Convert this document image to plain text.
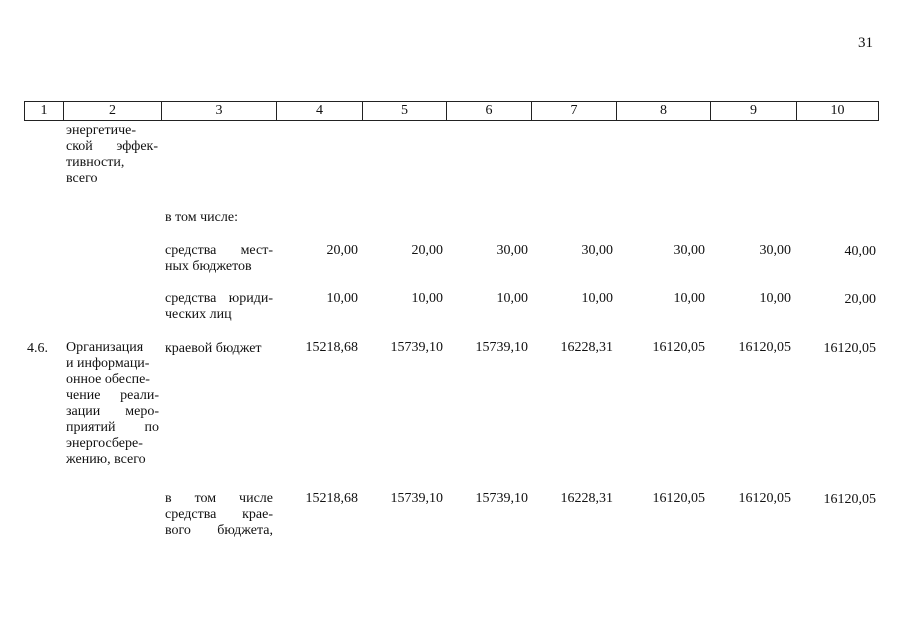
31
1	2	3	4	5	6	7	8	9	10
энергетиче-
ской эффек-
тивности,
всего
в том числе:
средства мест-
ных бюджетов
20,00	20,00	30,00	30,00	30,00	30,00	40,00
средства юриди-
ческих лиц
10,00	10,00	10,00	10,00	10,00	10,00	20,00
4.6. Организация
и информаци-
онное обеспе-
чение реали-
зации меро-
приятий по
энергосбере-
жению, всего
краевой бюджет	15218,68	15739,10	15739,10	16228,31	16120,05	16120,05	16120,05
в том числе
средства крае-
вого бюджета,
15218,68	15739,10	15739,10	16228,31	16120,05	16120,05	16120,05
